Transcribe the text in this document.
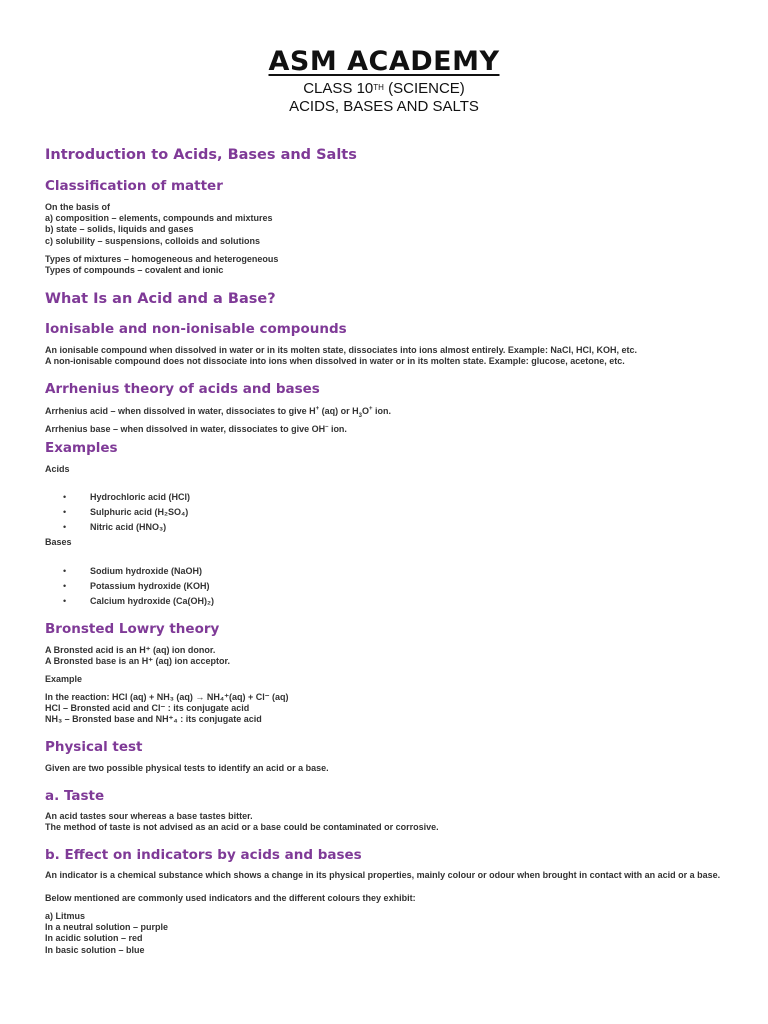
ASM ACADEMY
CLASS 10TH (SCIENCE)
ACIDS, BASES AND SALTS
Introduction to Acids, Bases and Salts
Classification of matter
On the basis of
a) composition – elements, compounds and mixtures
b) state – solids, liquids and gases
c) solubility – suspensions, colloids and solutions
Types of mixtures – homogeneous and heterogeneous
Types of compounds – covalent and ionic
What Is an Acid and a Base?
Ionisable and non-ionisable compounds
An ionisable compound when dissolved in water or in its molten state, dissociates into ions almost entirely. Example: NaCl, HCl, KOH, etc.
A non-ionisable compound does not dissociate into ions when dissolved in water or in its molten state. Example: glucose, acetone, etc.
Arrhenius theory of acids and bases
Arrhenius acid – when dissolved in water, dissociates to give H+ (aq) or $H_3O^+$ ion.
Arrhenius base – when dissolved in water, dissociates to give OH– ion.
Examples
Acids
•	Hydrochloric acid (HCl)
•	Sulphuric acid (H₂SO₄)
•	Nitric acid (HNO₃)
Bases
•	Sodium hydroxide (NaOH)
•	Potassium hydroxide (KOH)
•	Calcium hydroxide (Ca(OH)₂)
Bronsted Lowry theory
A Bronsted acid is an H⁺ (aq) ion donor.
A Bronsted base is an H⁺ (aq) ion acceptor.
Example
In the reaction: HCl (aq) + NH₃ (aq) → NH₄⁺(aq) + Cl⁻ (aq)
HCl – Bronsted acid and Cl⁻ : its conjugate acid
NH₃ – Bronsted base and NH⁺₄ : its conjugate acid
Physical test
Given are two possible physical tests to identify an acid or a base.
a. Taste
An acid tastes sour whereas a base tastes bitter.
The method of taste is not advised as an acid or a base could be contaminated or corrosive.
b. Effect on indicators by acids and bases
An indicator is a chemical substance which shows a change in its physical properties, mainly colour or odour when brought in contact with an acid or a base.
Below mentioned are commonly used indicators and the different colours they exhibit:
a) Litmus
In a neutral solution – purple
In acidic solution – red
In basic solution – blue
